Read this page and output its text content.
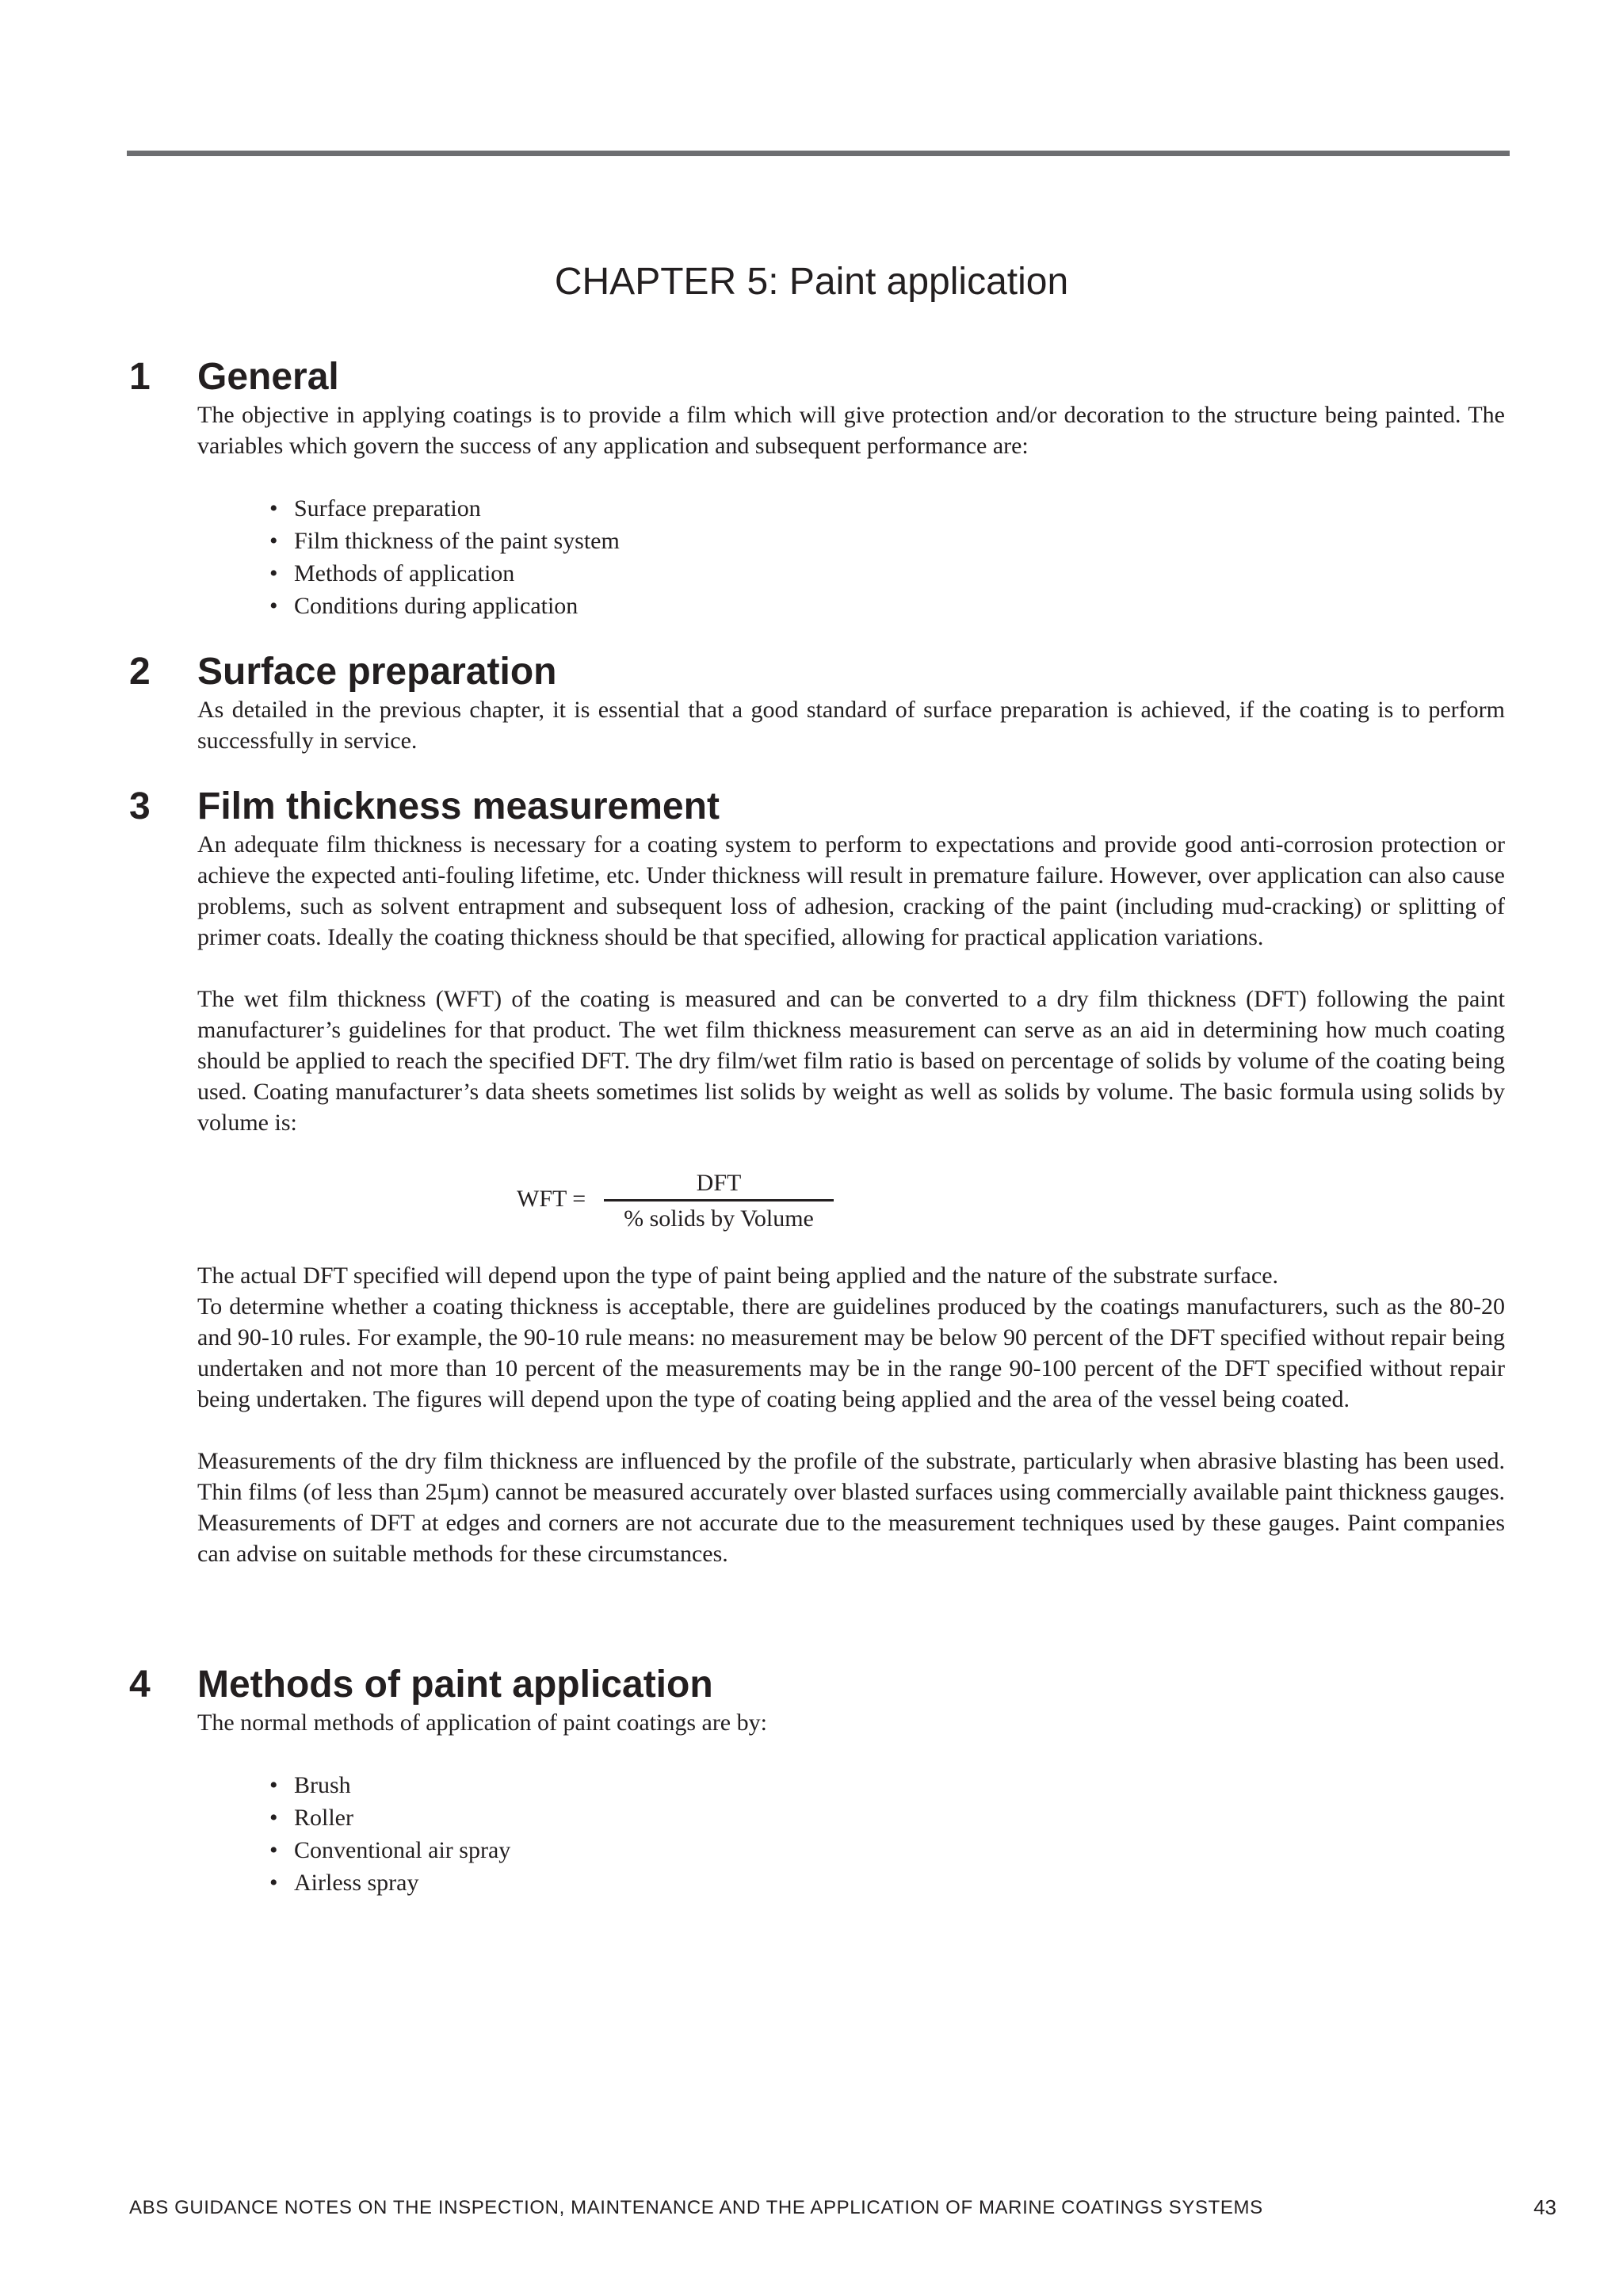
CHAPTER 5: Paint application
1 General

The objective in applying coatings is to provide a film which will give protection and/or decoration to the structure being painted. The variables which govern the success of any application and subsequent performance are:

• Surface preparation
• Film thickness of the paint system
• Methods of application
• Conditions during application
2 Surface preparation

As detailed in the previous chapter, it is essential that a good standard of surface preparation is achieved, if the coating is to perform successfully in service.

3 Film thickness measurement

An adequate film thickness is necessary for a coating system to perform to expectations and provide good anti-corrosion protection or achieve the expected anti-fouling lifetime, etc. Under thickness will result in premature failure. However, over application can also cause problems, such as solvent entrapment and subsequent loss of adhesion, cracking of the paint (including mud-cracking) or splitting of primer coats. Ideally the coating thickness should be that specified, allowing for practical application variations.

The wet film thickness (WFT) of the coating is measured and can be converted to a dry film thickness (DFT) following the paint manufacturer’s guidelines for that product. The wet film thickness measurement can serve as an aid in determining how much coating should be applied to reach the specified DFT. The dry film/wet film ratio is based on percentage of solids by volume of the coating being used. Coating manufacturer’s data sheets sometimes list solids by weight as well as solids by volume. The basic formula using solids by volume is:

WFT =
DFT
% solids by Volume

The actual DFT specified will depend upon the type of paint being applied and the nature of the substrate surface.

To determine whether a coating thickness is acceptable, there are guidelines produced by the coatings manufacturers, such as the 80-20 and 90-10 rules. For example, the 90-10 rule means: no measurement may be below 90 percent of the DFT specified without repair being undertaken and not more than 10 percent of the measurements may be in the range 90-100 percent of the DFT specified without repair being undertaken. The figures will depend upon the type of coating being applied and the area of the vessel being coated.

Measurements of the dry film thickness are influenced by the profile of the substrate, particularly when abrasive blasting has been used. Thin films (of less than 25µm) cannot be measured accurately over blasted surfaces using commercially available paint thickness gauges. Measurements of DFT at edges and corners are not accurate due to the measurement techniques used by these gauges. Paint companies can advise on suitable methods for these circumstances.

4 Methods of paint application

The normal methods of application of paint coatings are by:

• Brush
• Roller
• Conventional air spray
• Airless spray
ABS GUIDANCE NOTES ON THE INSPECTION, MAINTENANCE AND THE APPLICATION OF MARINE COATINGS SYSTEMS	43
